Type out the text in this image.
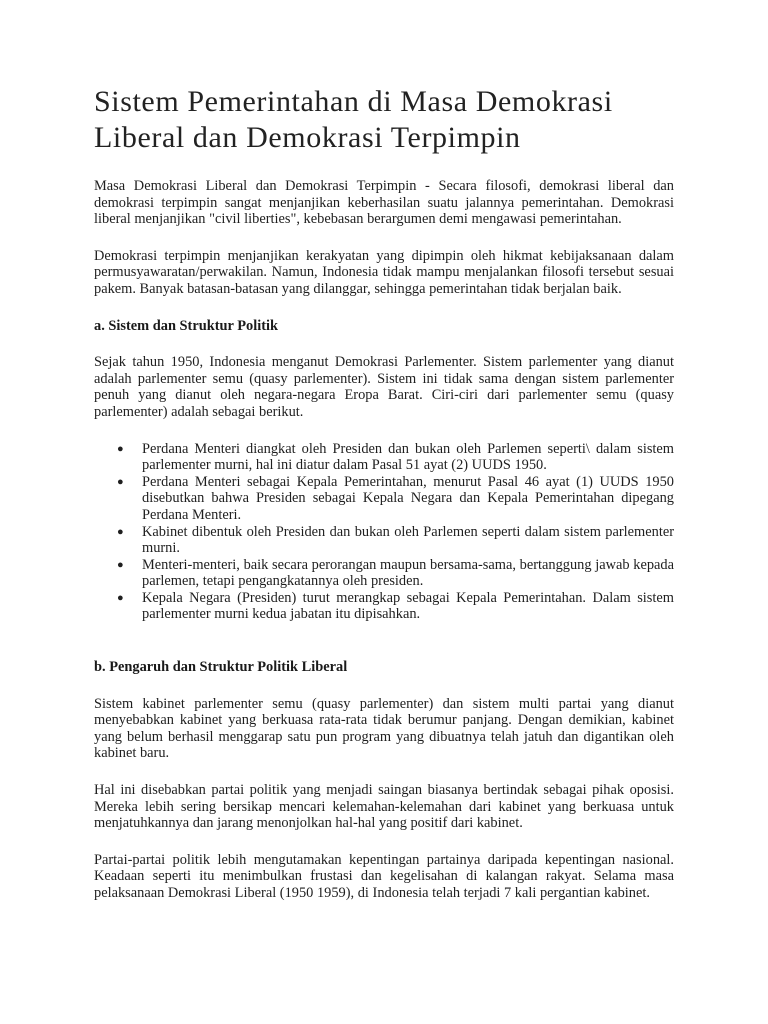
Sistem Pemerintahan di Masa Demokrasi Liberal dan Demokrasi Terpimpin

Masa Demokrasi Liberal dan Demokrasi Terpimpin - Secara filosofi, demokrasi liberal dan demokrasi terpimpin sangat menjanjikan keberhasilan suatu jalannya pemerintahan. Demokrasi liberal menjanjikan "civil liberties", kebebasan berargumen demi mengawasi pemerintahan.

Demokrasi terpimpin menjanjikan kerakyatan yang dipimpin oleh hikmat kebijaksanaan dalam permusyawaratan/perwakilan. Namun, Indonesia tidak mampu menjalankan filosofi tersebut sesuai pakem. Banyak batasan-batasan yang dilanggar, sehingga pemerintahan tidak berjalan baik.

a. Sistem dan Struktur Politik

Sejak tahun 1950, Indonesia menganut Demokrasi Parlementer. Sistem parlementer yang dianut adalah parlementer semu (quasy parlementer). Sistem ini tidak sama dengan sistem parlementer penuh yang dianut oleh negara-negara Eropa Barat. Ciri-ciri dari parlementer semu (quasy parlementer) adalah sebagai berikut.

● Perdana Menteri diangkat oleh Presiden dan bukan oleh Parlemen seperti\ dalam sistem parlementer murni, hal ini diatur dalam Pasal 51 ayat (2) UUDS 1950.
● Perdana Menteri sebagai Kepala Pemerintahan, menurut Pasal 46 ayat (1) UUDS 1950 disebutkan bahwa Presiden sebagai Kepala Negara dan Kepala Pemerintahan dipegang Perdana Menteri.
● Kabinet dibentuk oleh Presiden dan bukan oleh Parlemen seperti dalam sistem parlementer murni.
● Menteri-menteri, baik secara perorangan maupun bersama-sama, bertanggung jawab kepada parlemen, tetapi pengangkatannya oleh presiden.
● Kepala Negara (Presiden) turut merangkap sebagai Kepala Pemerintahan. Dalam sistem parlementer murni kedua jabatan itu dipisahkan.
b. Pengaruh dan Struktur Politik Liberal

Sistem kabinet parlementer semu (quasy parlementer) dan sistem multi partai yang dianut menyebabkan kabinet yang berkuasa rata-rata tidak berumur panjang. Dengan demikian, kabinet yang belum berhasil menggarap satu pun program yang dibuatnya telah jatuh dan digantikan oleh kabinet baru.

Hal ini disebabkan partai politik yang menjadi saingan biasanya bertindak sebagai pihak oposisi. Mereka lebih sering bersikap mencari kelemahan-kelemahan dari kabinet yang berkuasa untuk menjatuhkannya dan jarang menonjolkan hal-hal yang positif dari kabinet.

Partai-partai politik lebih mengutamakan kepentingan partainya daripada kepentingan nasional. Keadaan seperti itu menimbulkan frustasi dan kegelisahan di kalangan rakyat. Selama masa pelaksanaan Demokrasi Liberal (1950 1959), di Indonesia telah terjadi 7 kali pergantian kabinet.
